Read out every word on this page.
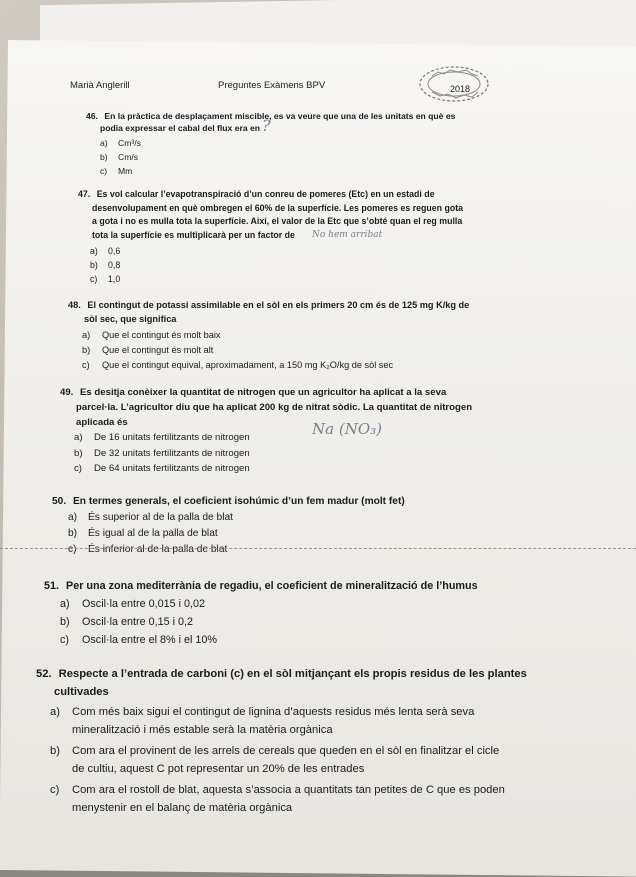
Marià Anglerill	Preguntes Exàmens BPV	2018
46. En la pràctica de desplaçament miscible, es va veure que una de les unitats en què es
podia expressar el cabal del flux era en
a)	Cm³/s
b)	Cm/s
c)	Mm
?
47. Es vol calcular l’evapotranspiració d’un conreu de pomeres (Etc) en un estadi de
desenvolupament en què ombregen el 60% de la superfície. Les pomeres es reguen gota
a gota i no es mulla tota la superfície. Així, el valor de la Etc que s’obté quan el reg mulla
tota la superfície es multiplicarà per un factor de
a)	0,6
b)	0,8
c)	1,0
No hem arribat
48. El contingut de potassi assimilable en el sòl en els primers 20 cm és de 125 mg K/kg de
sòl sec, que significa
a)	Que el contingut és molt baix
b)	Que el contingut és molt alt
c)	Que el contingut equival, aproximadament, a 150 mg K₂O/kg de sòl sec
49. Es desitja conèixer la quantitat de nitrogen que un agricultor ha aplicat a la seva
parcel·la. L’agricultor diu que ha aplicat 200 kg de nitrat sòdic. La quantitat de nitrogen
aplicada és
a)	De 16 unitats fertilitzants de nitrogen
b)	De 32 unitats fertilitzants de nitrogen
c)	De 64 unitats fertilitzants de nitrogen
Na (NO₃)
50. En termes generals, el coeficient isohúmic d’un fem madur (molt fet)
a)	És superior al de la palla de blat
b)	És igual al de la palla de blat
c)	És inferior al de la palla de blat
51. Per una zona mediterrània de regadiu, el coeficient de mineralització de l’humus
a)	Oscil·la entre 0,015 i 0,02
b)	Oscil·la entre 0,15 i 0,2
c)	Oscil·la entre el 8% i el 10%
52. Respecte a l’entrada de carboni (c) en el sòl mitjançant els propis residus de les plantes
cultivades
a)	Com més baix sigui el contingut de lignina d’aquests residus més lenta serà seva
mineralització i més estable serà la matèria orgànica
b)	Com ara el provinent de les arrels de cereals que queden en el sòl en finalitzar el cicle
de cultiu, aquest C pot representar un 20% de les entrades
c)	Com ara el rostoll de blat, aquesta s’associa a quantitats tan petites de C que es poden
menystenir en el balanç de matèria orgànica
